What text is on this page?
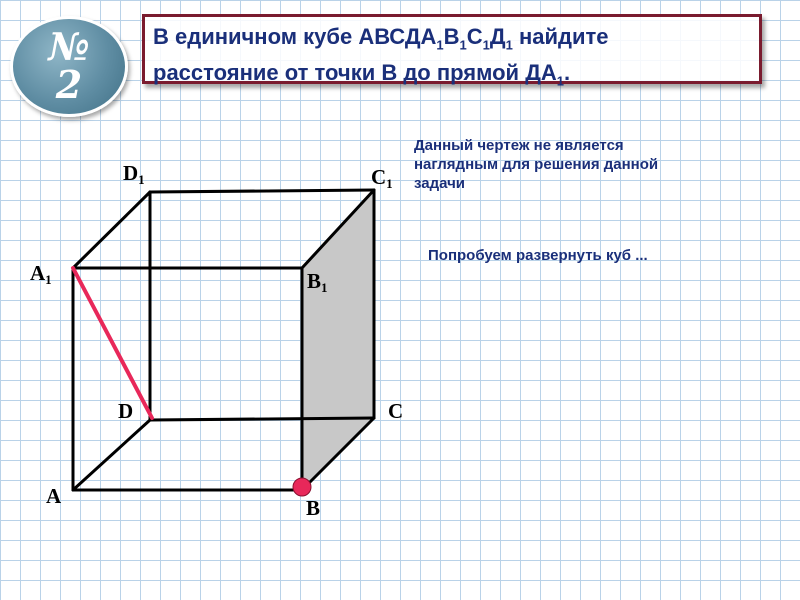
№
2
В единичном кубе $АВСДА_1В_1С_1Д_1$ найдите
расстояние от точки В до прямой $ДА_1$.
Данный чертеж не является
наглядным для решения данной
задачи
Попробуем развернуть куб ...
D1	C1
A1	B1
D	C
A	B
